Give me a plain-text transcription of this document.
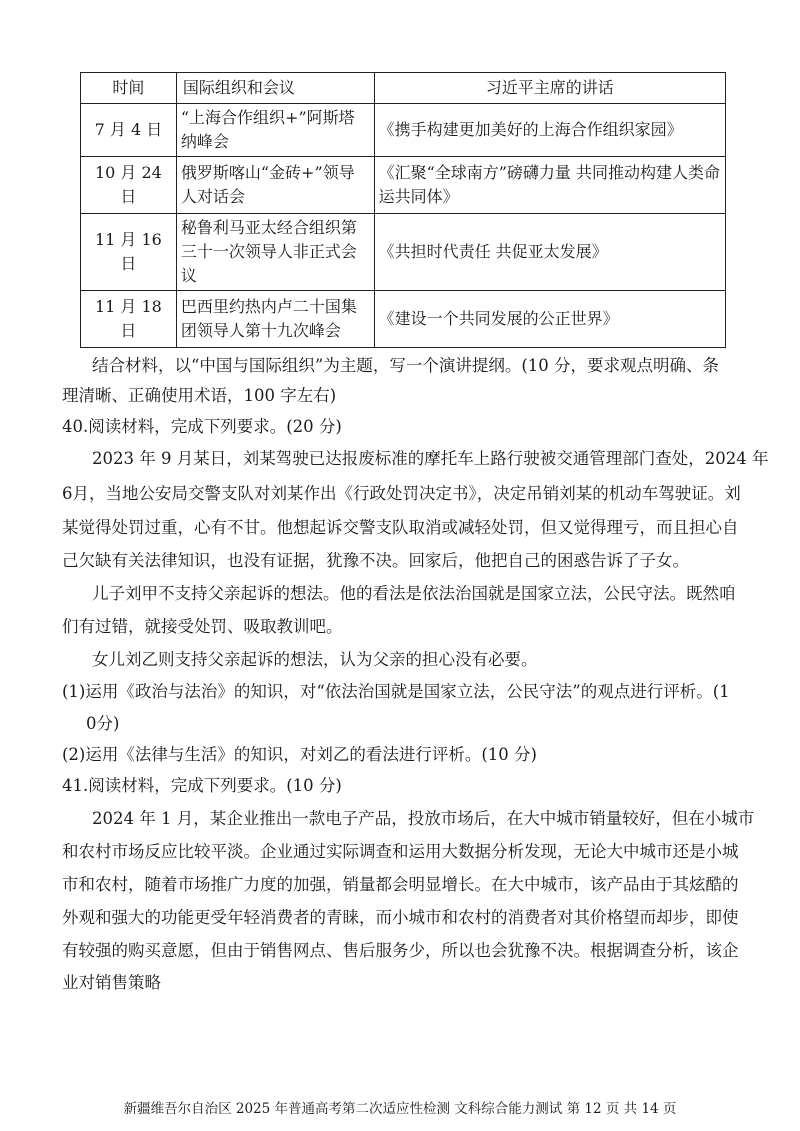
时间	国际组织和会议	习近平主席的讲话
7 月 4 日	“上海合作组织+”阿斯塔纳峰会	《携手构建更加美好的上海合作组织家园》
10 月 24 日	俄罗斯喀山“金砖+”领导人对话会	《汇聚“全球南方”磅礴力量 共同推动构建人类命运共同体》
11 月 16 日	秘鲁利马亚太经合组织第三十一次领导人非正式会议	《共担时代责任 共促亚太发展》
11 月 18 日	巴西里约热内卢二十国集团领导人第十九次峰会	《建设一个共同发展的公正世界》
结合材料，以“中国与国际组织”为主题，写一个演讲提纲。(10 分，要求观点明确、条
理清晰、正确使用术语，100 字左右)
40.阅读材料，完成下列要求。(20 分)
2023 年 9 月某日，刘某驾驶已达报废标准的摩托车上路行驶被交通管理部门查处，2024 年
6月，当地公安局交警支队对刘某作出《行政处罚决定书》，决定吊销刘某的机动车驾驶证。刘
某觉得处罚过重，心有不甘。他想起诉交警支队取消或减轻处罚，但又觉得理亏，而且担心自
己欠缺有关法律知识，也没有证据，犹豫不决。回家后，他把自己的困惑告诉了子女。
儿子刘甲不支持父亲起诉的想法。他的看法是依法治国就是国家立法，公民守法。既然咱
们有过错，就接受处罚、吸取教训吧。
女儿刘乙则支持父亲起诉的想法，认为父亲的担心没有必要。
(1)运用《政治与法治》的知识，对“依法治国就是国家立法，公民守法”的观点进行评析。(1
0分)
(2)运用《法律与生活》的知识，对刘乙的看法进行评析。(10 分)
41.阅读材料，完成下列要求。(10 分)
2024 年 1 月，某企业推出一款电子产品，投放市场后，在大中城市销量较好，但在小城市
和农村市场反应比较平淡。企业通过实际调查和运用大数据分析发现，无论大中城市还是小城
市和农村，随着市场推广力度的加强，销量都会明显增长。在大中城市，该产品由于其炫酷的
外观和强大的功能更受年轻消费者的青睐，而小城市和农村的消费者对其价格望而却步，即使
有较强的购买意愿，但由于销售网点、售后服务少，所以也会犹豫不决。根据调查分析，该企
业对销售策略
新疆维吾尔自治区 2025 年普通高考第二次适应性检测 文科综合能力测试 第 12 页 共 14 页
